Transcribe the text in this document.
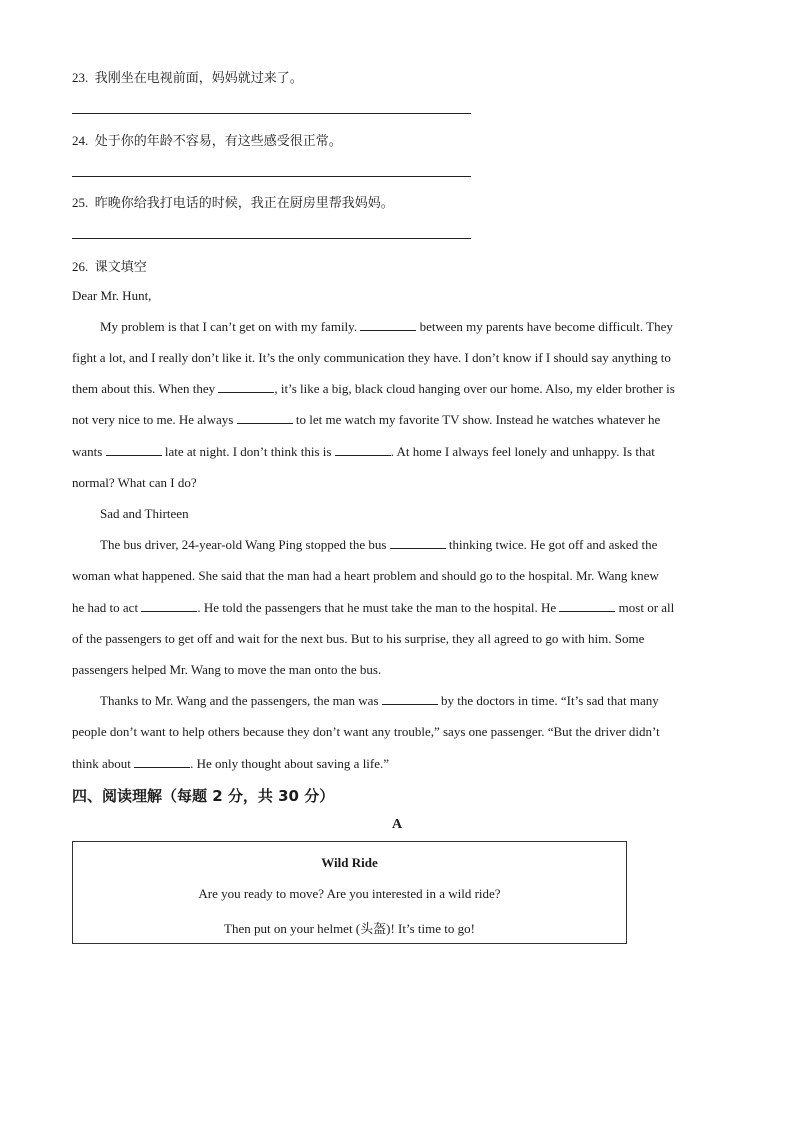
23. 我刚坐在电视前面，妈妈就过来了。
24. 处于你的年龄不容易，有这些感受很正常。
25. 昨晚你给我打电话的时候，我正在厨房里帮我妈妈。
26. 课文填空
Dear Mr. Hunt,
My problem is that I can’t get on with my family.	between my parents have become difficult. They
fight a lot, and I really don’t like it. It’s the only communication they have. I don’t know if I should say anything to
them about this. When they	, it’s like a big, black cloud hanging over our home. Also, my elder brother is
not very nice to me. He always	to let me watch my favorite TV show. Instead he watches whatever he
wants	late at night. I don’t think this is	. At home I always feel lonely and unhappy. Is that
normal? What can I do?
Sad and Thirteen
The bus driver, 24-year-old Wang Ping stopped the bus	thinking twice. He got off and asked the
woman what happened. She said that the man had a heart problem and should go to the hospital. Mr. Wang knew
he had to act	. He told the passengers that he must take the man to the hospital. He	most or all
of the passengers to get off and wait for the next bus. But to his surprise, they all agreed to go with him. Some
passengers helped Mr. Wang to move the man onto the bus.
Thanks to Mr. Wang and the passengers, the man was	by the doctors in time. “It’s sad that many
people don’t want to help others because they don’t want any trouble,” says one passenger. “But the driver didn’t
think about	. He only thought about saving a life.”
四、阅读理解（每题 2 分，共 30 分）
A
Wild Ride
Are you ready to move? Are you interested in a wild ride?
Then put on your helmet (头盔)! It’s time to go!
